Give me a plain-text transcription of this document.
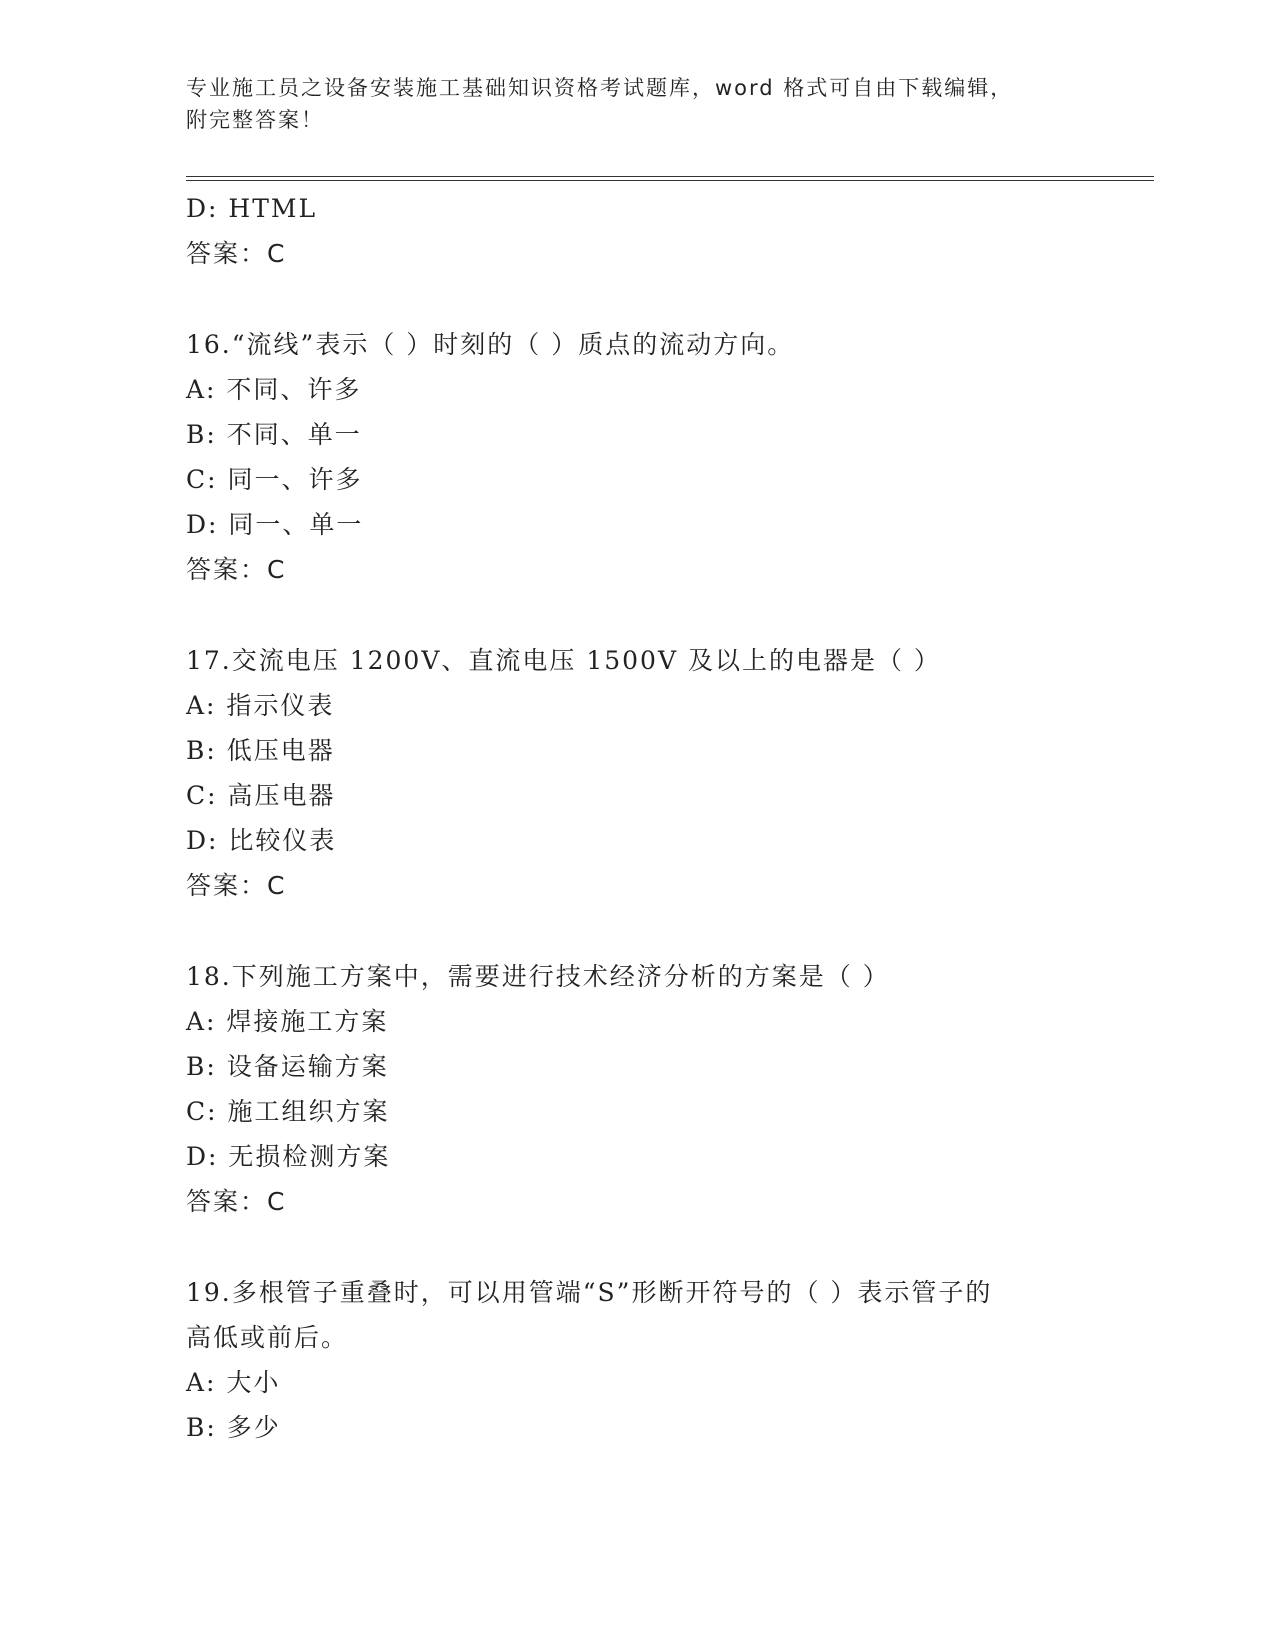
专业施工员之设备安装施工基础知识资格考试题库，word 格式可自由下载编辑，
附完整答案！
D: HTML
答案：C
16.“流线”表示（ ）时刻的（ ）质点的流动方向。
A: 不同、许多
B: 不同、单一
C: 同一、许多
D: 同一、单一
答案：C
17.交流电压 1200V、直流电压 1500V 及以上的电器是（ ）
A: 指示仪表
B: 低压电器
C: 高压电器
D: 比较仪表
答案：C
18.下列施工方案中，需要进行技术经济分析的方案是（ ）
A: 焊接施工方案
B: 设备运输方案
C: 施工组织方案
D: 无损检测方案
答案：C
19.多根管子重叠时，可以用管端“S”形断开符号的（ ）表示管子的
高低或前后。
A: 大小
B: 多少
